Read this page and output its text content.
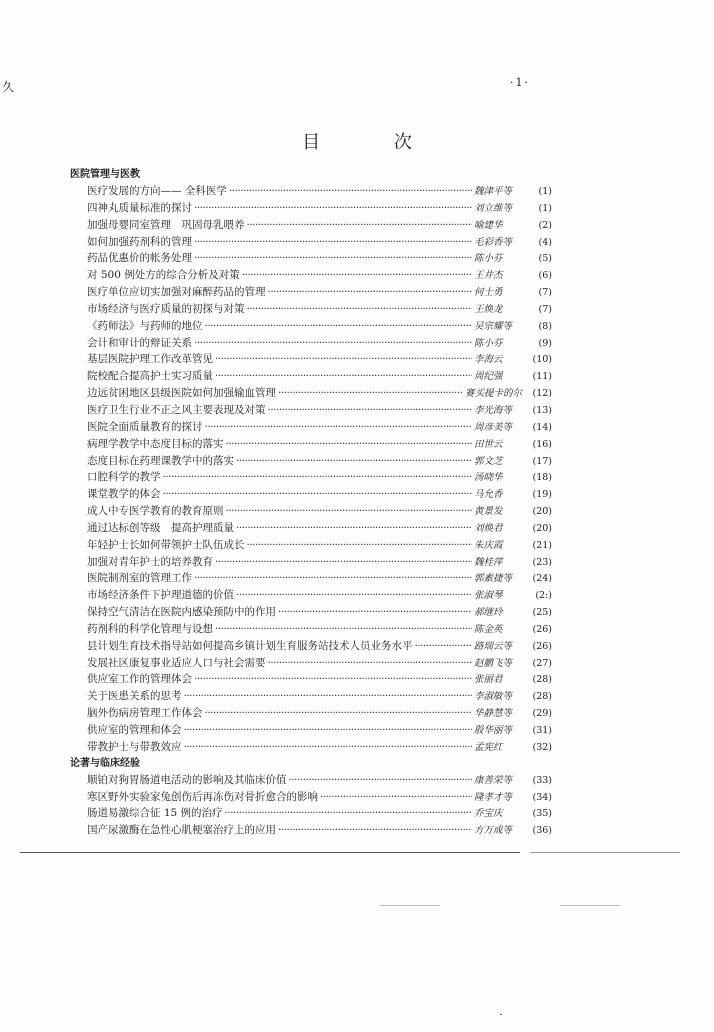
久	·1·
目 次
医院管理与医教
医疗发展的方向—— 全科医学 ·····	魏津平等	(1)
四神丸质量标准的探讨 ·····	刘立维等	(1)
加强母婴同室管理　巩固母乳喂养 ·····	喻建华	(2)
如何加强药剂科的管理 ·····	毛彩香等	(4)
药品优惠价的帐务处理 ·····	陈小芬	(5)
对 500 例处方的综合分析及对策 ·····	王井杰	(6)
医疗单位应切实加强对麻醉药品的管理 ·····	何士勇	(7)
市场经济与医疗质量的初探与对策 ·····	王焕龙	(7)
《药师法》与药师的地位 ·····	吴宗耀等	(8)
会计和审计的辩证关系 ·····	陈小芬	(9)
基层医院护理工作改革管见 ·····	李海云	(10)
院校配合提高护士实习质量 ·····	周纪强	(11)
边远贫困地区县级医院如何加强输血管理 ·····	赛买提卡的尔	(12)
医疗卫生行业不正之风主要表现及对策 ·····	李光海等	(13)
医院全面质量教育的探讨 ·····	周彦美等	(14)
病理学教学中态度目标的落实 ·····	田世云	(16)
态度目标在药理课教学中的落实 ·····	郭文芝	(17)
口腔科学的教学 ·····	汤晓华	(18)
课堂教学的体会 ·····	马允香	(19)
成人中专医学教育的教育原则 ·····	黄景发	(20)
通过达标创等级　提高护理质量 ·····	刘焕君	(20)
年轻护士长如何带领护士队伍成长 ·····	朱庆霞	(21)
加强对青年护士的培养教育 ·····	魏桂萍	(23)
医院制剂室的管理工作 ·····	郭素捷等	(24)
市场经济条件下护理道德的价值 ·····	张淑琴	(2:)
保持空气清洁在医院内感染预防中的作用 ·····	郝继玲	(25)
药剂科的科学化管理与设想 ·····	陈金英	(26)
县计划生育技术指导站如何提高乡镇计划生育服务站技术人员业务水平 ·····	路瑞云等	(26)
发展社区康复事业适应人口与社会需要 ·····	赵鹏飞等	(27)
供应室工作的管理体会 ·····	张丽君	(28)
关于医患关系的思考 ·····	李淑敏等	(28)
脑外伤病房管理工作体会 ·····	华静慧等	(29)
供应室的管理和体会 ·····	殷华丽等	(31)
带教护士与带教效应 ·····	孟宪红	(32)
论著与临床经验
顺铂对狗胃肠道电活动的影响及其临床价值 ·····	康善荣等	(33)
寒区野外实验家兔创伤后再冻伤对骨折愈合的影响 ·····	隆孝才等	(34)
肠道易激综合征 15 例的治疗 ·····	乔宝庆	(35)
国产尿激酶在急性心肌梗塞治疗上的应用 ·····	方万成等	(36)
